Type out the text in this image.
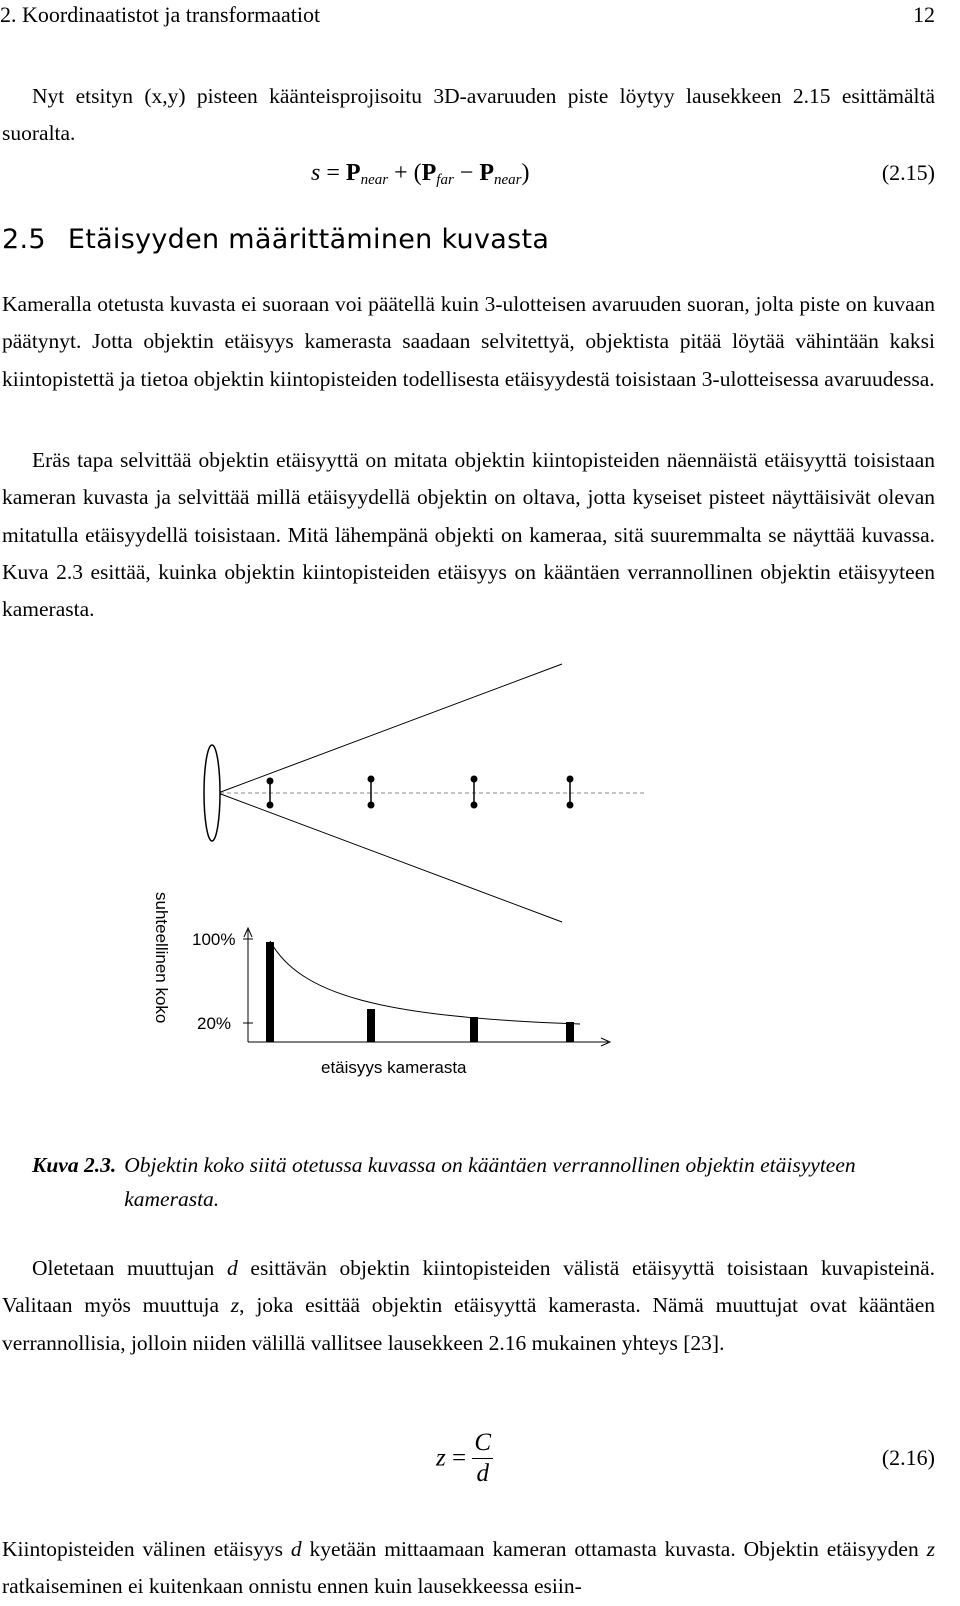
2. Koordinaatistot ja transformaatiot	12

Nyt etsityn (x,y) pisteen käänteisprojisoitu 3D-avaruuden piste löytyy lausekkeen 2.15 esittämältä suoralta.

$s = P_{near} + (P_{far} - P_{near})$	(2.15)
2.5 Etäisyyden määrittäminen kuvasta

Kameralla otetusta kuvasta ei suoraan voi päätellä kuin 3-ulotteisen avaruuden suoran, jolta piste on kuvaan päätynyt. Jotta objektin etäisyys kamerasta saadaan selvitettyä, objektista pitää löytää vähintään kaksi kiintopistettä ja tietoa objektin kiintopisteiden todellisesta etäisyydestä toisistaan 3-ulotteisessa avaruudessa.

Eräs tapa selvittää objektin etäisyyttä on mitata objektin kiintopisteiden näennäistä etäisyyttä toisistaan kameran kuvasta ja selvittää millä etäisyydellä objektin on oltava, jotta kyseiset pisteet näyttäisivät olevan mitatulla etäisyydellä toisistaan. Mitä lähempänä objekti on kameraa, sitä suuremmalta se näyttää kuvassa. Kuva 2.3 esittää, kuinka objektin kiintopisteiden etäisyys on kääntäen verrannollinen objektin etäisyyteen kamerasta.

suhteellinen koko 100%
20%
etäisyys kamerasta
Kuva 2.3. Objektin koko siitä otetussa kuvassa on kääntäen verrannollinen objektin etäisyyteen kamerasta.

Oletetaan muuttujan d esittävän objektin kiintopisteiden välistä etäisyyttä toisistaan kuvapisteinä. Valitaan myös muuttuja z, joka esittää objektin etäisyyttä kamerasta. Nämä muuttujat ovat kääntäen verrannollisia, jolloin niiden välillä vallitsee lausekkeen 2.16 mukainen yhteys [23].

$z = \frac{C}{d}$	(2.16)

Kiintopisteiden välinen etäisyys d kyetään mittaamaan kameran ottamasta kuvasta. Objektin etäisyyden z ratkaiseminen ei kuitenkaan onnistu ennen kuin lausekkeessa esiin-
